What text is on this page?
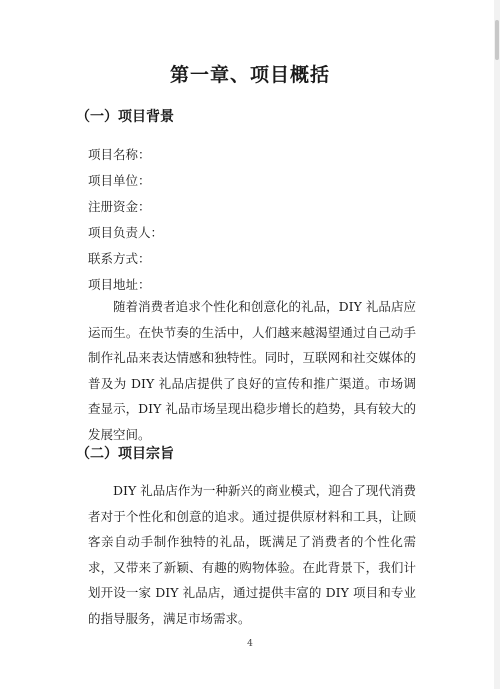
第一章、项目概括
（一）项目背景
项目名称：
项目单位：
注册资金：
项目负责人：
联系方式：
项目地址：

随着消费者追求个性化和创意化的礼品，DIY 礼品店应运而生。在快节奏的生活中，人们越来越渴望通过自己动手制作礼品来表达情感和独特性。同时，互联网和社交媒体的普及为 DIY 礼品店提供了良好的宣传和推广渠道。市场调查显示，DIY 礼品市场呈现出稳步增长的趋势，具有较大的发展空间。

（二）项目宗旨

DIY 礼品店作为一种新兴的商业模式，迎合了现代消费者对于个性化和创意的追求。通过提供原材料和工具，让顾客亲自动手制作独特的礼品，既满足了消费者的个性化需求，又带来了新颖、有趣的购物体验。在此背景下，我们计划开设一家 DIY 礼品店，通过提供丰富的 DIY 项目和专业的指导服务，满足市场需求。

4
